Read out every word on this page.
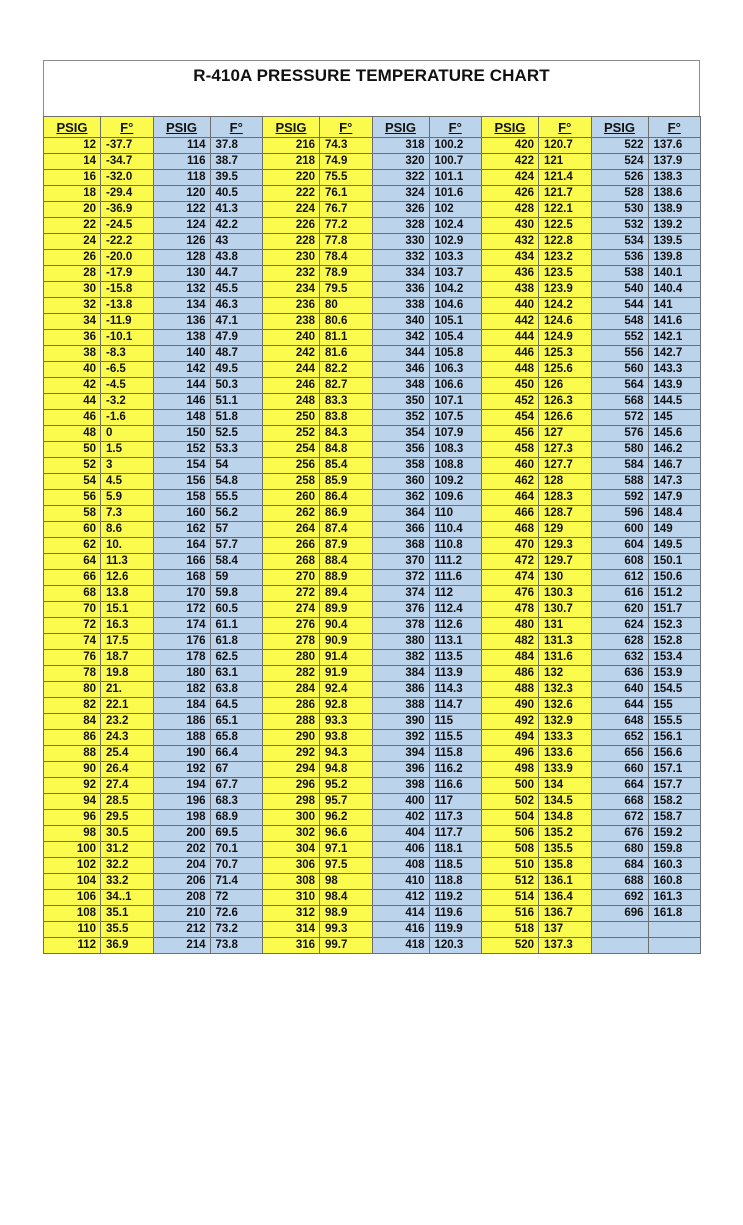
R-410A PRESSURE TEMPERATURE CHART
PSIG	F°	PSIG	F°	PSIG	F°	PSIG	F°	PSIG	F°	PSIG	F°
12	-37.7	114	37.8	216	74.3	318	100.2	420	120.7	522	137.6
14	-34.7	116	38.7	218	74.9	320	100.7	422	121	524	137.9
16	-32.0	118	39.5	220	75.5	322	101.1	424	121.4	526	138.3
18	-29.4	120	40.5	222	76.1	324	101.6	426	121.7	528	138.6
20	-36.9	122	41.3	224	76.7	326	102	428	122.1	530	138.9
22	-24.5	124	42.2	226	77.2	328	102.4	430	122.5	532	139.2
24	-22.2	126	43	228	77.8	330	102.9	432	122.8	534	139.5
26	-20.0	128	43.8	230	78.4	332	103.3	434	123.2	536	139.8
28	-17.9	130	44.7	232	78.9	334	103.7	436	123.5	538	140.1
30	-15.8	132	45.5	234	79.5	336	104.2	438	123.9	540	140.4
32	-13.8	134	46.3	236	80	338	104.6	440	124.2	544	141
34	-11.9	136	47.1	238	80.6	340	105.1	442	124.6	548	141.6
36	-10.1	138	47.9	240	81.1	342	105.4	444	124.9	552	142.1
38	-8.3	140	48.7	242	81.6	344	105.8	446	125.3	556	142.7
40	-6.5	142	49.5	244	82.2	346	106.3	448	125.6	560	143.3
42	-4.5	144	50.3	246	82.7	348	106.6	450	126	564	143.9
44	-3.2	146	51.1	248	83.3	350	107.1	452	126.3	568	144.5
46	-1.6	148	51.8	250	83.8	352	107.5	454	126.6	572	145
48	0	150	52.5	252	84.3	354	107.9	456	127	576	145.6
50	1.5	152	53.3	254	84.8	356	108.3	458	127.3	580	146.2
52	3	154	54	256	85.4	358	108.8	460	127.7	584	146.7
54	4.5	156	54.8	258	85.9	360	109.2	462	128	588	147.3
56	5.9	158	55.5	260	86.4	362	109.6	464	128.3	592	147.9
58	7.3	160	56.2	262	86.9	364	110	466	128.7	596	148.4
60	8.6	162	57	264	87.4	366	110.4	468	129	600	149
62	10.	164	57.7	266	87.9	368	110.8	470	129.3	604	149.5
64	11.3	166	58.4	268	88.4	370	111.2	472	129.7	608	150.1
66	12.6	168	59	270	88.9	372	111.6	474	130	612	150.6
68	13.8	170	59.8	272	89.4	374	112	476	130.3	616	151.2
70	15.1	172	60.5	274	89.9	376	112.4	478	130.7	620	151.7
72	16.3	174	61.1	276	90.4	378	112.6	480	131	624	152.3
74	17.5	176	61.8	278	90.9	380	113.1	482	131.3	628	152.8
76	18.7	178	62.5	280	91.4	382	113.5	484	131.6	632	153.4
78	19.8	180	63.1	282	91.9	384	113.9	486	132	636	153.9
80	21.	182	63.8	284	92.4	386	114.3	488	132.3	640	154.5
82	22.1	184	64.5	286	92.8	388	114.7	490	132.6	644	155
84	23.2	186	65.1	288	93.3	390	115	492	132.9	648	155.5
86	24.3	188	65.8	290	93.8	392	115.5	494	133.3	652	156.1
88	25.4	190	66.4	292	94.3	394	115.8	496	133.6	656	156.6
90	26.4	192	67	294	94.8	396	116.2	498	133.9	660	157.1
92	27.4	194	67.7	296	95.2	398	116.6	500	134	664	157.7
94	28.5	196	68.3	298	95.7	400	117	502	134.5	668	158.2
96	29.5	198	68.9	300	96.2	402	117.3	504	134.8	672	158.7
98	30.5	200	69.5	302	96.6	404	117.7	506	135.2	676	159.2
100	31.2	202	70.1	304	97.1	406	118.1	508	135.5	680	159.8
102	32.2	204	70.7	306	97.5	408	118.5	510	135.8	684	160.3
104	33.2	206	71.4	308	98	410	118.8	512	136.1	688	160.8
106	34..1	208	72	310	98.4	412	119.2	514	136.4	692	161.3
108	35.1	210	72.6	312	98.9	414	119.6	516	136.7	696	161.8
110	35.5	212	73.2	314	99.3	416	119.9	518	137		
112	36.9	214	73.8	316	99.7	418	120.3	520	137.3		
